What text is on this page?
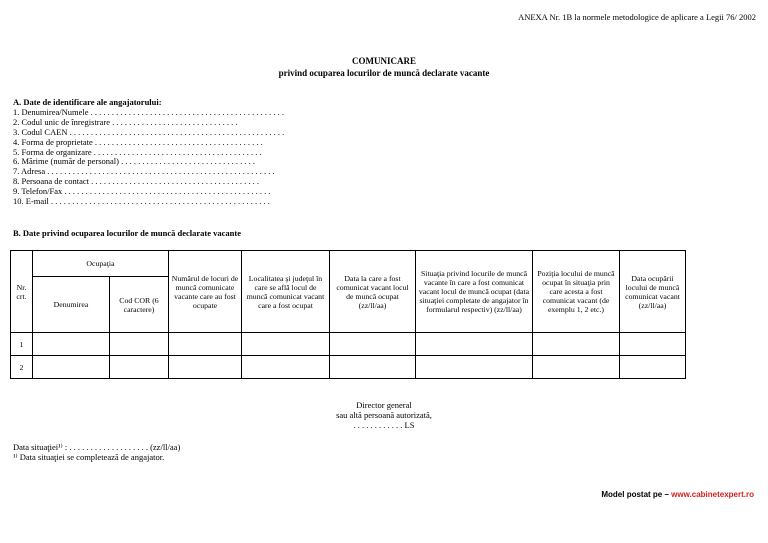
ANEXA Nr. 1B la normele metodologice de aplicare a Legii 76/ 2002
COMUNICARE
privind ocuparea locurilor de muncă declarate vacante
A. Date de identificare ale angajatorului:
1. Denumirea/Numele . . . . . . . . . . . . . . . . . . . . . . . . . . . . . . . . . . . . . . . . . . . . . .
2. Codul unic de înregistrare . . . . . . . . . . . . . . . . . . . . . . . . . . . . . .
3. Codul CAEN . . . . . . . . . . . . . . . . . . . . . . . . . . . . . . . . . . . . . . . . . . . . . . . . . . .
4. Forma de proprietate . . . . . . . . . . . . . . . . . . . . . . . . . . . . . . . . . . . . . . . .
5. Forma de organizare . . . . . . . . . . . . . . . . . . . . . . . . . . . . . . . . . . . . . . . .
6. Mărime (număr de personal) . . . . . . . . . . . . . . . . . . . . . . . . . . . . . . . .
7. Adresa . . . . . . . . . . . . . . . . . . . . . . . . . . . . . . . . . . . . . . . . . . . . . . . . . . . . . .
8. Persoana de contact . . . . . . . . . . . . . . . . . . . . . . . . . . . . . . . . . . . . . . . .
9. Telefon/Fax . . . . . . . . . . . . . . . . . . . . . . . . . . . . . . . . . . . . . . . . . . . . . . . . .
10. E-mail . . . . . . . . . . . . . . . . . . . . . . . . . . . . . . . . . . . . . . . . . . . . . . . . . . . .
B. Date privind ocuparea locurilor de muncă declarate vacante
Nr. crt.	Ocupaţia		Numărul de locuri de muncă comunicate vacante care au fost ocupate	Localitatea şi judeţul în care se află locul de muncă comunicat vacant care a fost ocupat	Data la care a fost comunicat vacant locul de muncă ocupat (zz/ll/aa)	Situaţia privind locurile de muncă vacante în care a fost comunicat vacant locul de muncă ocupat (data situaţiei completate de angajator în formularul respectiv) (zz/ll/aa)	Poziţia locului de muncă ocupat în situaţia prin care acesta a fost comunicat vacant (de exemplu 1, 2 etc.)	Data ocupării locului de muncă comunicat vacant (zz/ll/aa)
	Denumirea	Cod COR (6 caractere)						
1								
2								
Director general
sau altă persoană autorizată,
. . . . . . . . . . . . LS
Data situaţiei¹⁾ : . . . . . . . . . . . . . . . . . . . (zz/ll/aa)
¹⁾ Data situaţiei se completează de angajator.
Model postat pe – www.cabinetexpert.ro
